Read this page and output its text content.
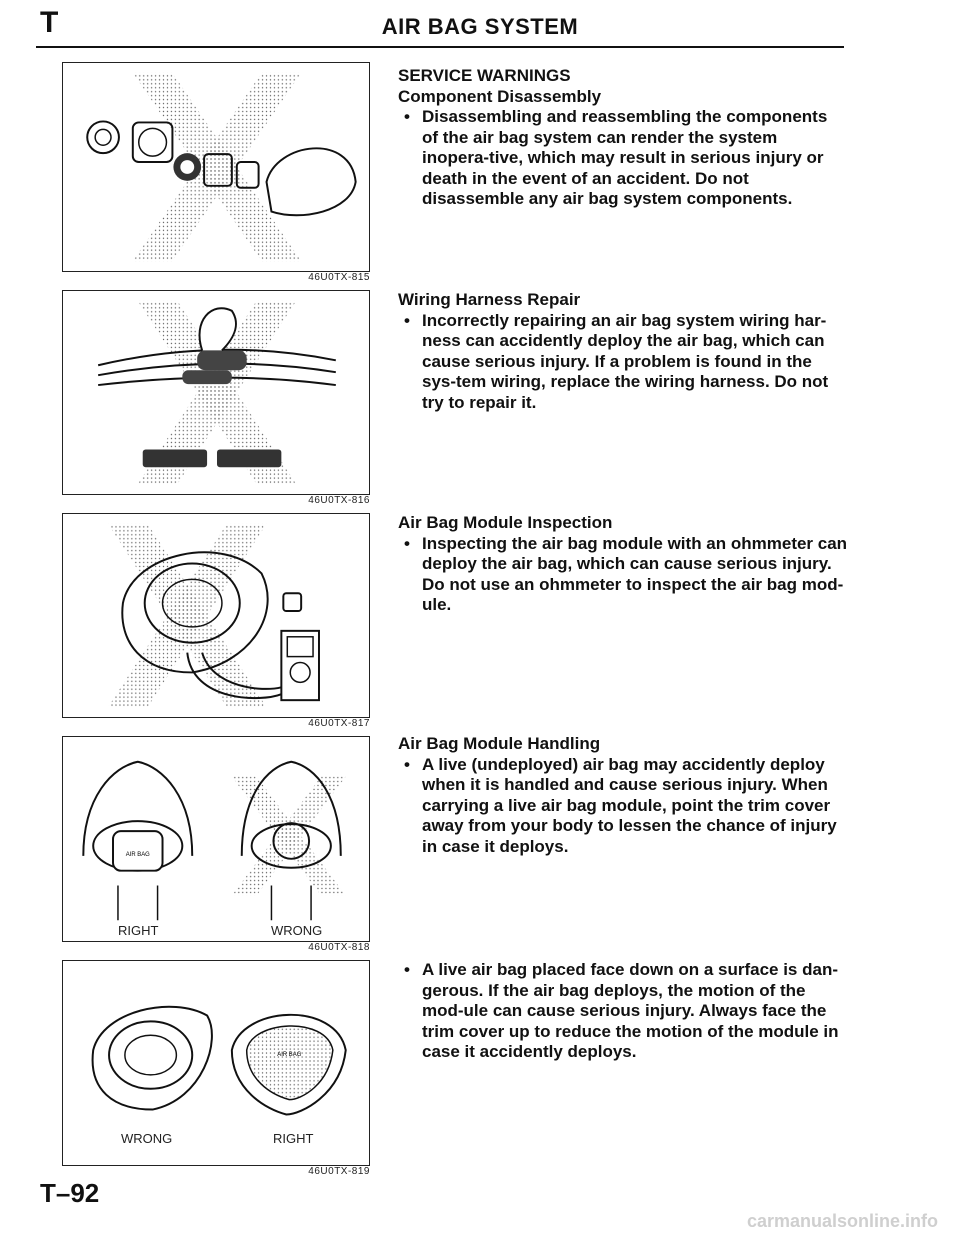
T	AIR BAG SYSTEM
46U0TX-815
46U0TX-816
46U0TX-817
AIR BAG
RIGHT	WRONG
46U0TX-818
AIR BAG
WRONG	RIGHT
46U0TX-819
SERVICE WARNINGS
Component Disassembly

• Disassembling and reassembling the components of the air bag system can render the system inopera-tive, which may result in serious injury or death in the event of an accident. Do not disassemble any air bag system components.

Wiring Harness Repair

• Incorrectly repairing an air bag system wiring har-ness can accidently deploy the air bag, which can cause serious injury. If a problem is found in the sys-tem wiring, replace the wiring harness. Do not try to repair it.

Air Bag Module Inspection

• Inspecting the air bag module with an ohmmeter can deploy the air bag, which can cause serious injury. Do not use an ohmmeter to inspect the air bag mod-ule.

Air Bag Module Handling

• A live (undeployed) air bag may accidently deploy when it is handled and cause serious injury. When carrying a live air bag module, point the trim cover away from your body to lessen the chance of injury in case it deploys.

• A live air bag placed face down on a surface is dan-gerous. If the air bag deploys, the motion of the mod-ule can cause serious injury. Always face the trim cover up to reduce the motion of the module in case it accidently deploys.

T–92
carmanualsonline.info
